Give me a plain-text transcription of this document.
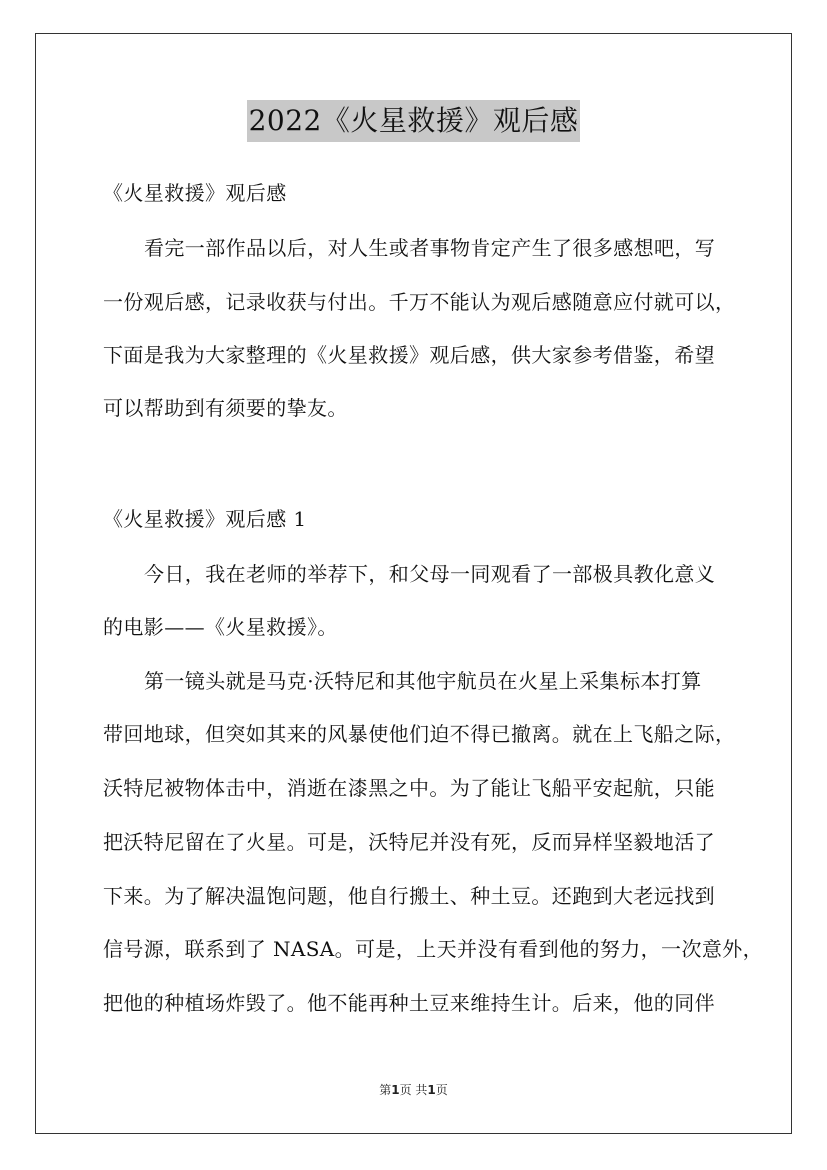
2022《火星救援》观后感
《火星救援》观后感
看完一部作品以后，对人生或者事物肯定产生了很多感想吧，写
一份观后感，记录收获与付出。千万不能认为观后感随意应付就可以，
下面是我为大家整理的《火星救援》观后感，供大家参考借鉴，希望
可以帮助到有须要的挚友。
《火星救援》观后感 1
今日，我在老师的举荐下，和父母一同观看了一部极具教化意义
的电影——《火星救援》。
第一镜头就是马克·沃特尼和其他宇航员在火星上采集标本打算
带回地球，但突如其来的风暴使他们迫不得已撤离。就在上飞船之际，
沃特尼被物体击中，消逝在漆黑之中。为了能让飞船平安起航，只能
把沃特尼留在了火星。可是，沃特尼并没有死，反而异样坚毅地活了
下来。为了解决温饱问题，他自行搬土、种土豆。还跑到大老远找到
信号源，联系到了 NASA。可是，上天并没有看到他的努力，一次意外，
把他的种植场炸毁了。他不能再种土豆来维持生计。后来，他的同伴
第1页 共1页
